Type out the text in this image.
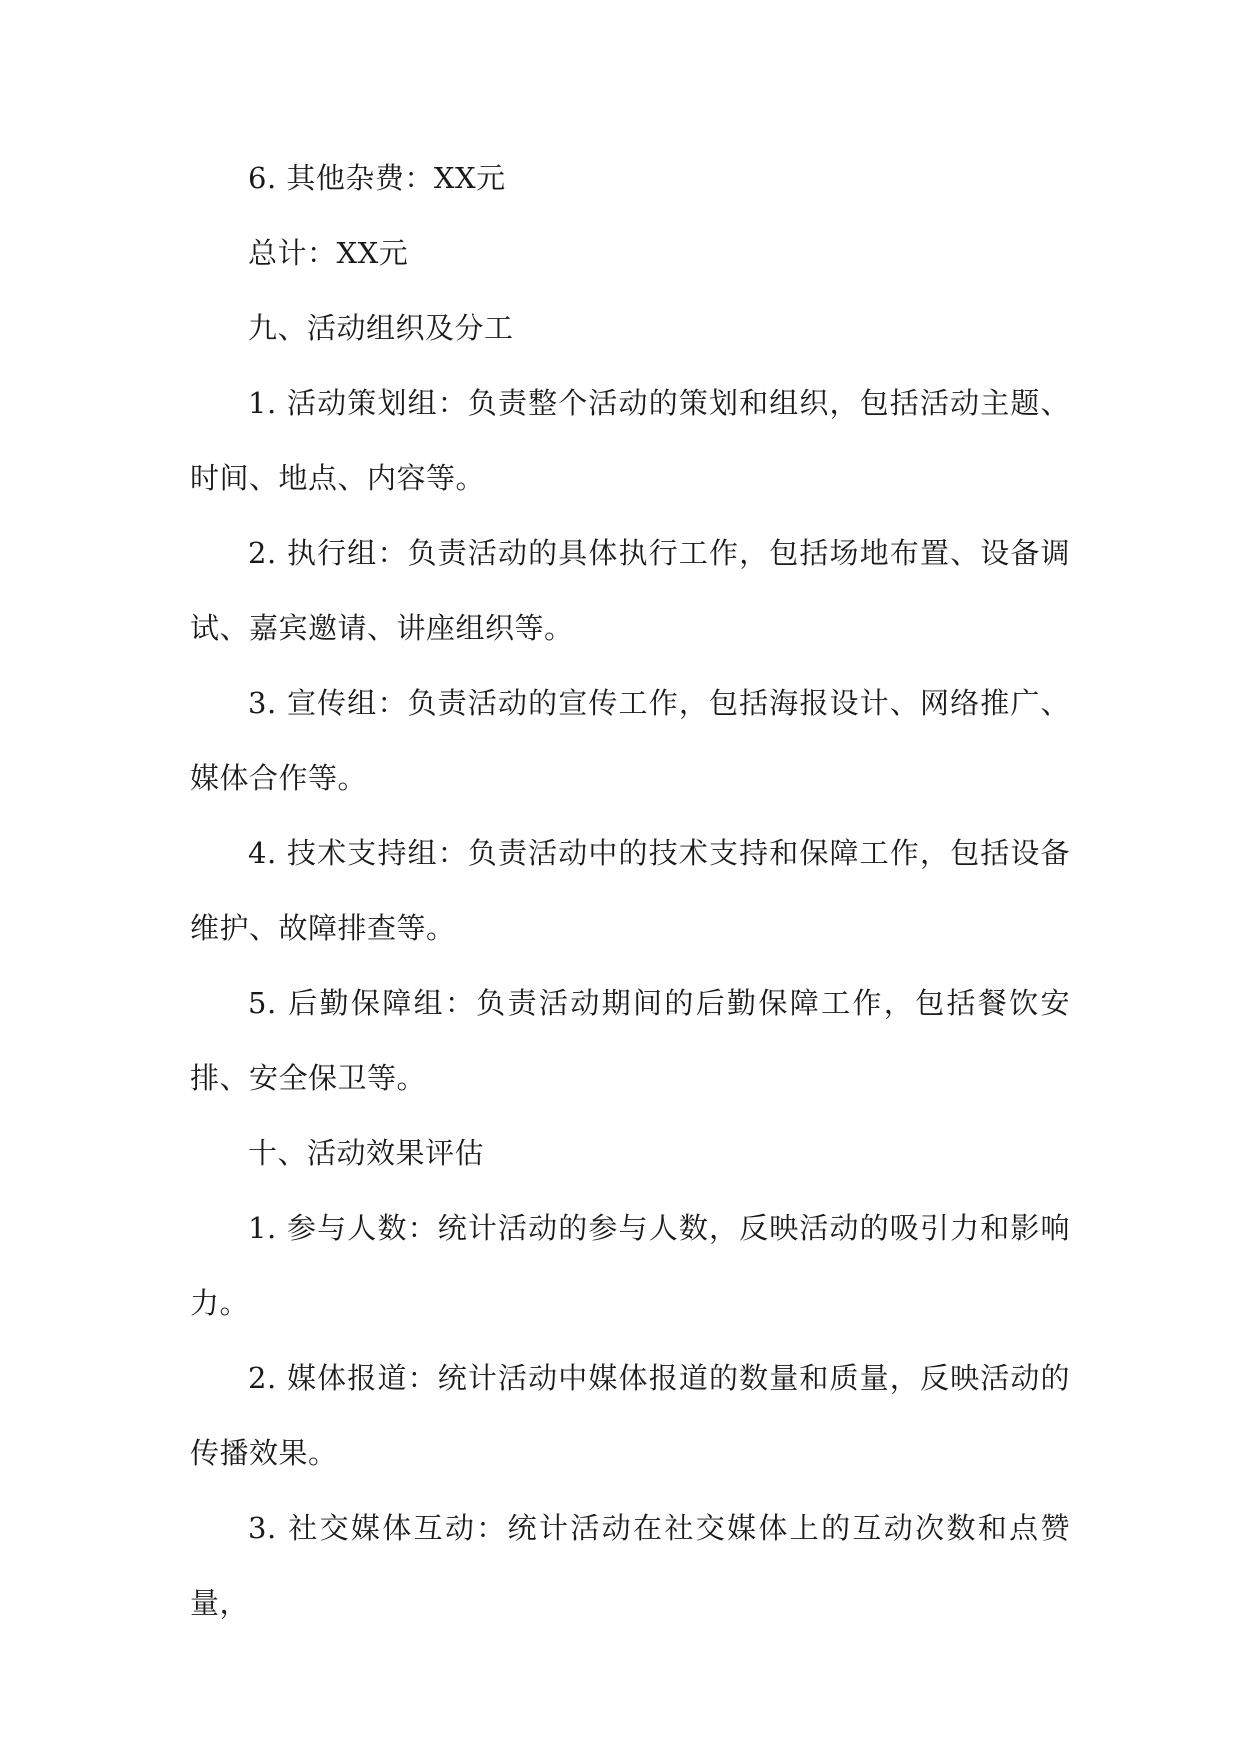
6. 其他杂费：XX元

总计：XX元

九、活动组织及分工

1. 活动策划组：负责整个活动的策划和组织，包括活动主题、时间、地点、内容等。

2. 执行组：负责活动的具体执行工作，包括场地布置、设备调试、嘉宾邀请、讲座组织等。

3. 宣传组：负责活动的宣传工作，包括海报设计、网络推广、媒体合作等。

4. 技术支持组：负责活动中的技术支持和保障工作，包括设备维护、故障排查等。

5. 后勤保障组：负责活动期间的后勤保障工作，包括餐饮安排、安全保卫等。

十、活动效果评估

1. 参与人数：统计活动的参与人数，反映活动的吸引力和影响力。

2. 媒体报道：统计活动中媒体报道的数量和质量，反映活动的传播效果。

3. 社交媒体互动：统计活动在社交媒体上的互动次数和点赞量，
